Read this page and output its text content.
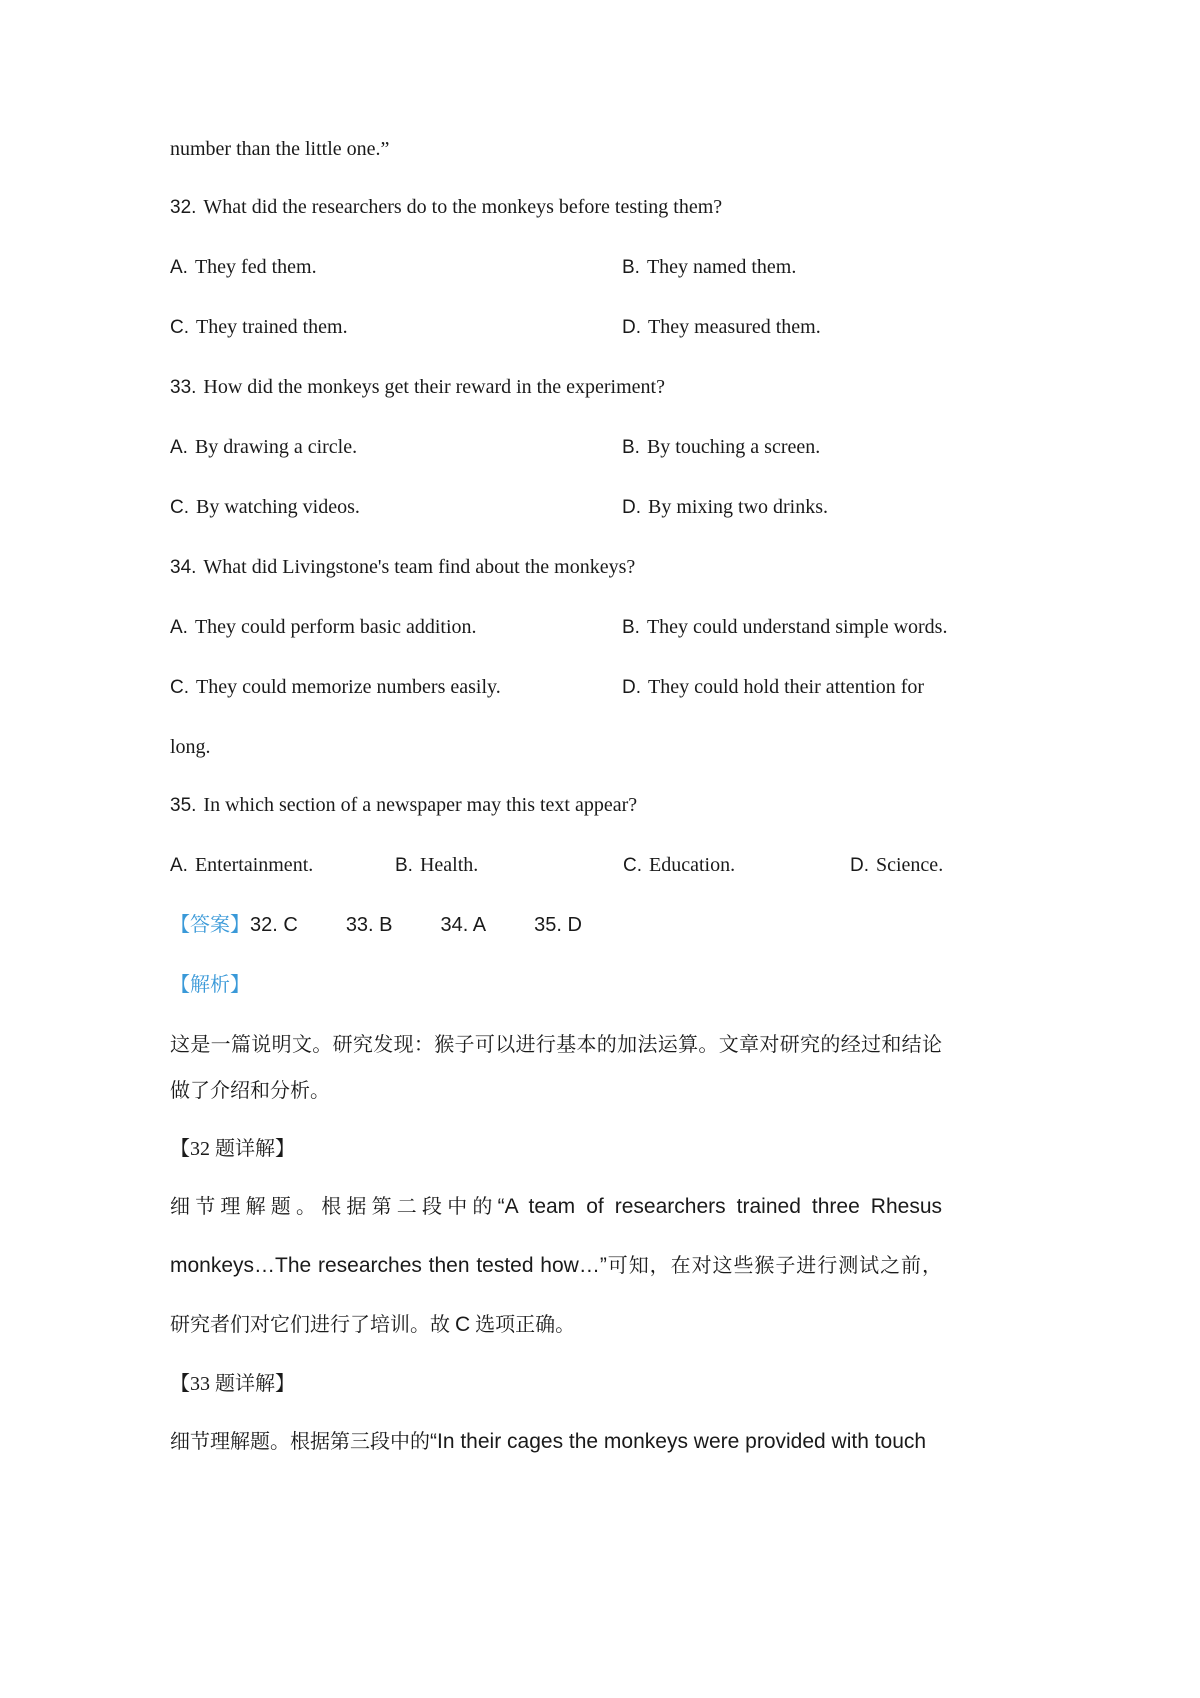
number than the little one.”

32. What did the researchers do to the monkeys before testing them?

A. They fed them.	B. They named them.

C. They trained them.	D. They measured them.

33. How did the monkeys get their reward in the experiment?

A. By drawing a circle.	B. By touching a screen.

C. By watching videos.	D. By mixing two drinks.

34. What did Livingstone's team find about the monkeys?

A. They could perform basic addition.	B. They could understand simple words.

C. They could memorize numbers easily.	D. They could hold their attention for

long.

35. In which section of a newspaper may this text appear?

A. Entertainment.	B. Health.	C. Education.	D. Science.

【答案】32. C 33. B 34. A 35. D

【解析】

这是一篇说明文。研究发现：猴子可以进行基本的加法运算。文章对研究的经过和结论做了介绍和分析。

【32 题详解】

细节理解题。根据第二段中的“A team of researchers trained three Rhesus monkeys…The researches then tested how…”可知，在对这些猴子进行测试之前，研究者们对它们进行了培训。故 C 选项正确。

【33 题详解】

细节理解题。根据第三段中的“In their cages the monkeys were provided with touch
